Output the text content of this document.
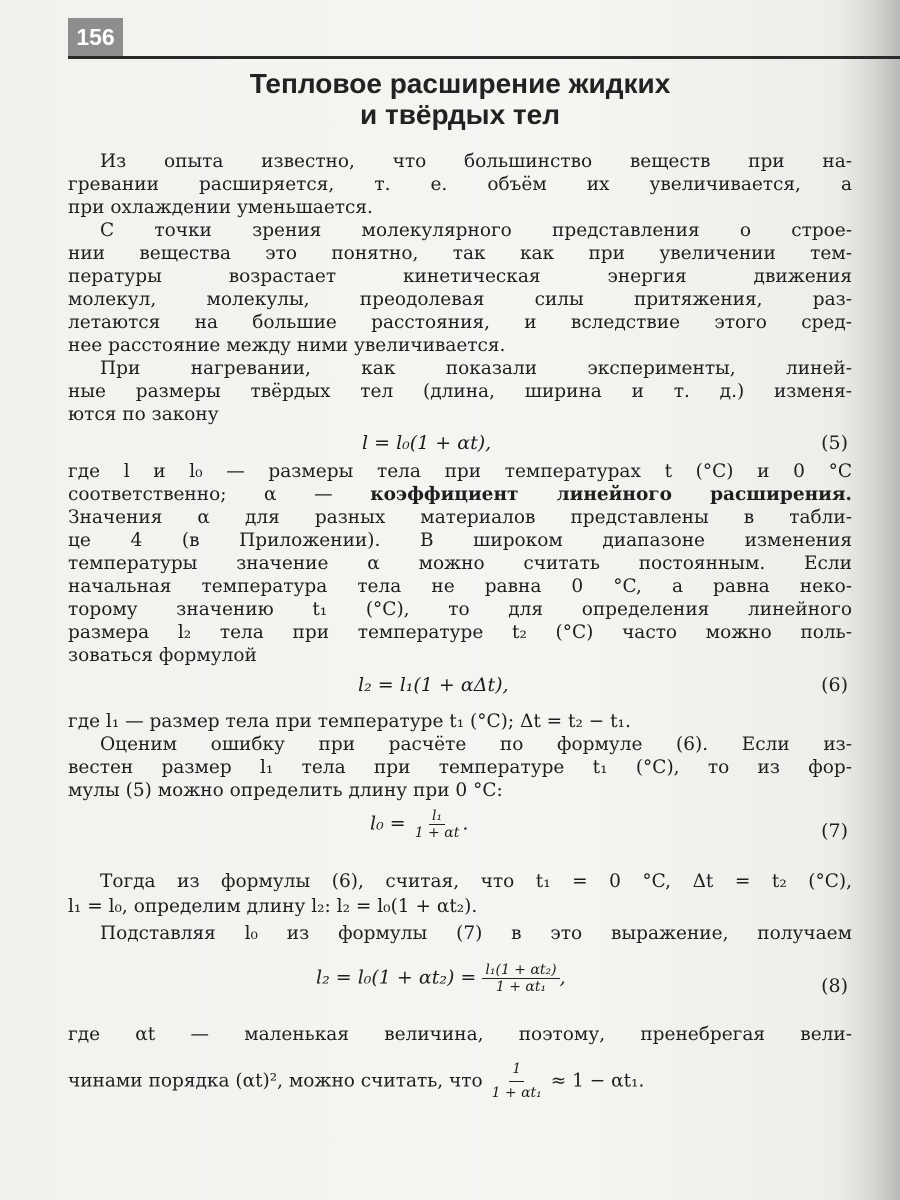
156
Тепловое расширение жидких
и твёрдых тел
Из опыта известно, что большинство веществ при на-
гревании расширяется, т. е. объём их увеличивается, а
при охлаждении уменьшается.
С точки зрения молекулярного представления о строе-
нии вещества это понятно, так как при увеличении тем-
пературы возрастает кинетическая энергия движения
молекул, молекулы, преодолевая силы притяжения, раз-
летаются на большие расстояния, и вследствие этого сред-
нее расстояние между ними увеличивается.
При нагревании, как показали эксперименты, линей-
ные размеры твёрдых тел (длина, ширина и т. д.) изменя-
ются по закону
l = l₀(1 + αt),	(5)
где l и l₀ — размеры тела при температурах t (°C) и 0 °C
соответственно; α — коэффициент линейного расширения.
Значения α для разных материалов представлены в табли-
це 4 (в Приложении). В широком диапазоне изменения
температуры значение α можно считать постоянным. Если
начальная температура тела не равна 0 °C, а равна неко-
торому значению t₁ (°C), то для определения линейного
размера l₂ тела при температуре t₂ (°C) часто можно поль-
зоваться формулой
l₂ = l₁(1 + αΔt),	(6)
где l₁ — размер тела при температуре t₁ (°C); Δt = t₂ − t₁.
Оценим ошибку при расчёте по формуле (6). Если из-
вестен размер l₁ тела при температуре t₁ (°C), то из фор-
мулы (5) можно определить длину при 0 °C:
$l_0 = \frac{\text{l₁}}{1 + \alpha t}$ .	(7)
Тогда из формулы (6), считая, что t₁ = 0 °C, Δt = t₂ (°C),
l₁ = l₀, определим длину l₂: l₂ = l₀(1 + αt₂).
Подставляя l₀ из формулы (7) в это выражение, получаем
$l_2 = l_0(1 + \alpha t_2) = \frac{\text{l₁(1 + αt₂)}}{\text{1 + αt₁}}$ ,	(8)
где αt — маленькая величина, поэтому, пренебрегая вели-
чинами порядка (αt)², можно считать, что $\frac{1}{\text{1 + αt₁}} \approx 1 - \alpha t_1$.
